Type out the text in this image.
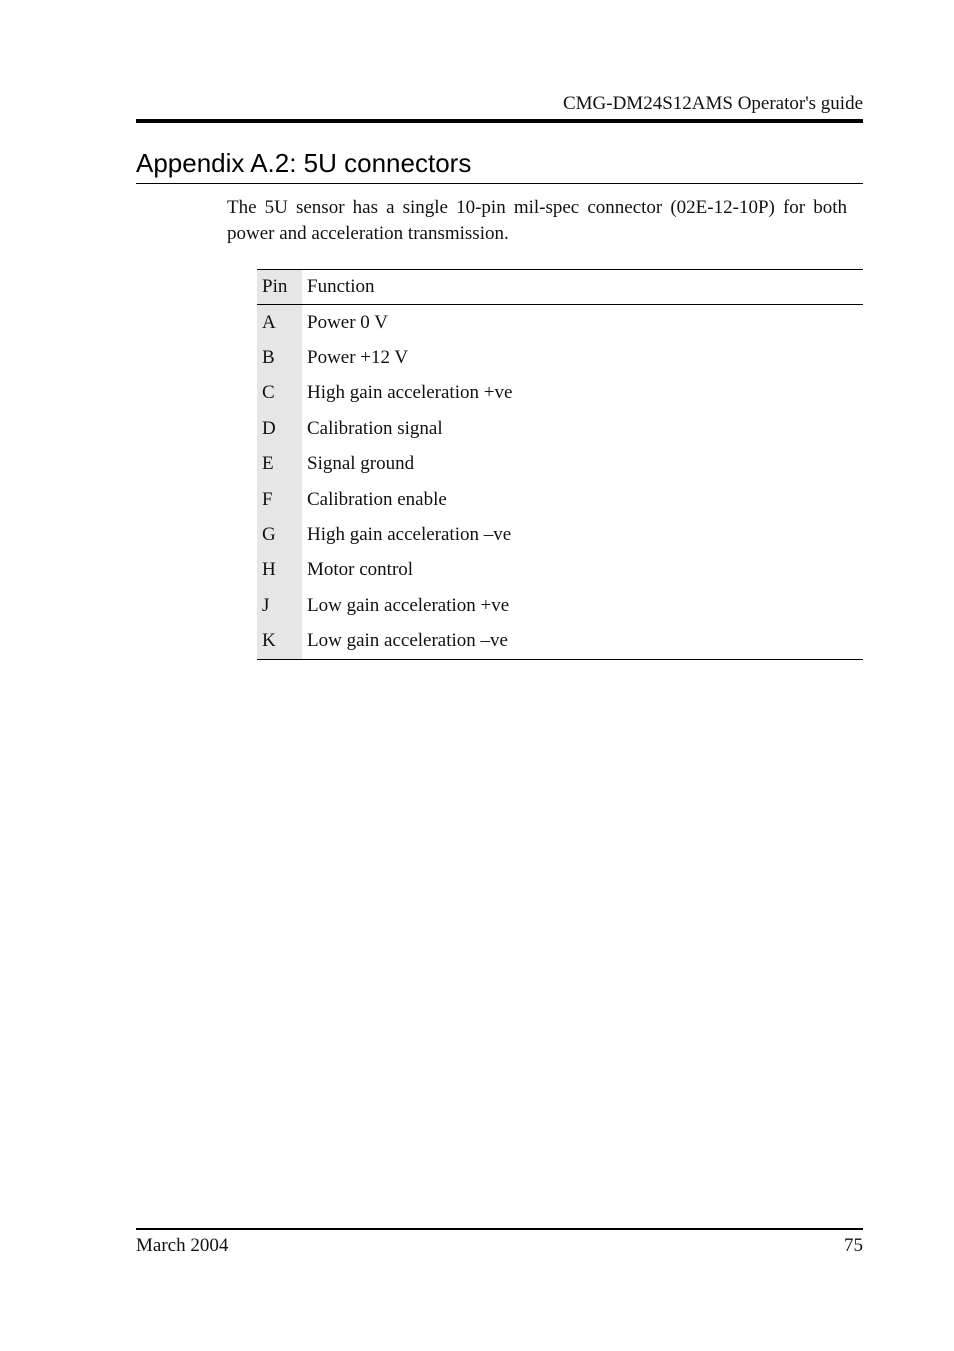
CMG-DM24S12AMS Operator's guide
Appendix A.2: 5U connectors

The 5U sensor has a single 10-pin mil-spec connector (02E-12-10P) for both power and acceleration transmission.

Pin	Function
A	Power 0 V
B	Power +12 V
C	High gain acceleration +ve
D	Calibration signal
E	Signal ground
F	Calibration enable
G	High gain acceleration –ve
H	Motor control
J	Low gain acceleration +ve
K	Low gain acceleration –ve
March 2004	75
